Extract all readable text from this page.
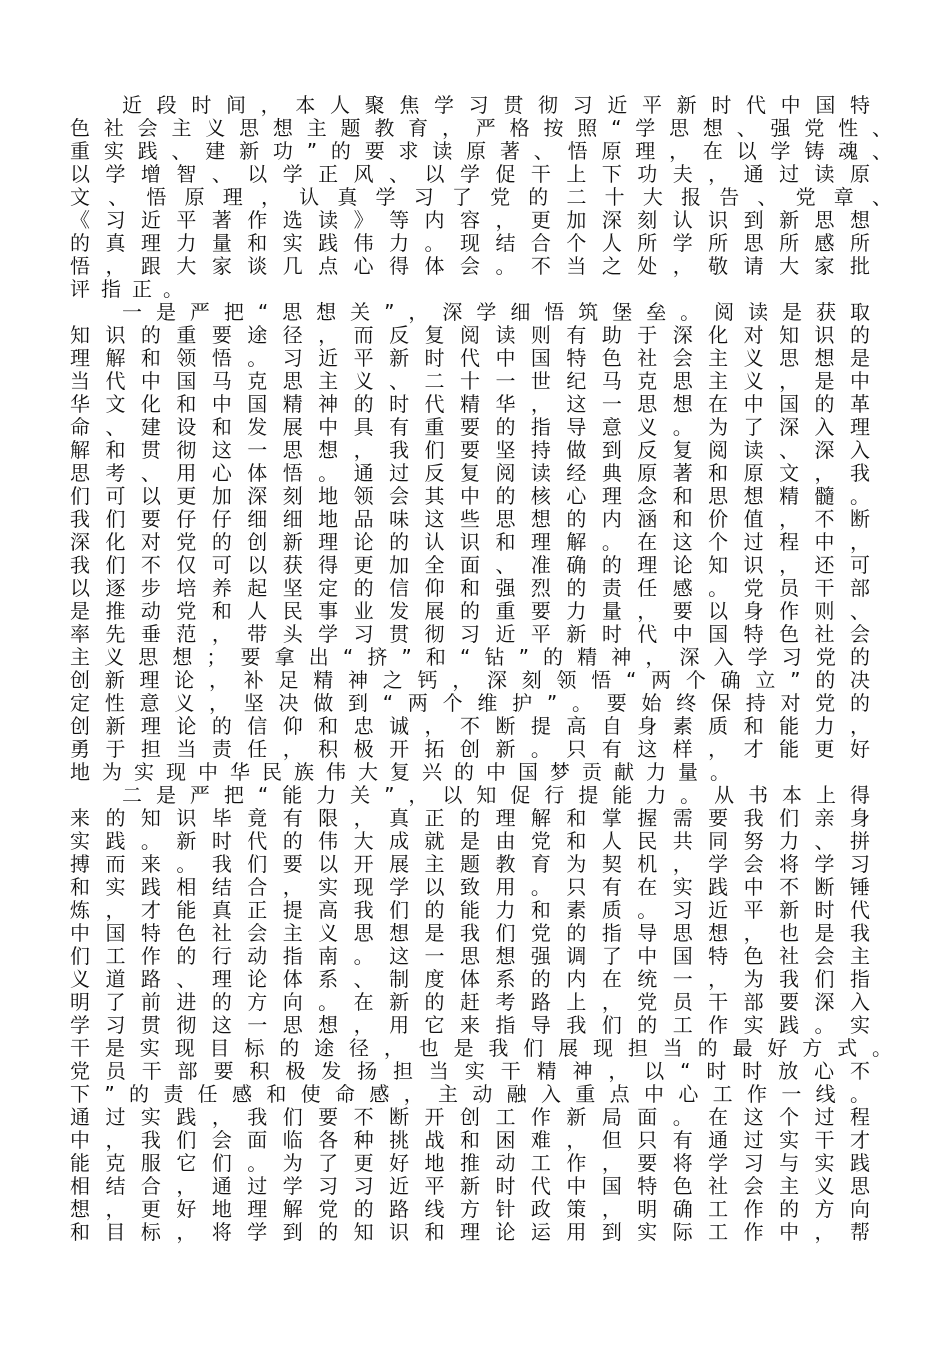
近段时间，本人聚焦学习贯彻习近平新时代中国特
色社会主义思想主题教育，严格按照“学思想、强党性、
重实践、建新功”的要求读原著、悟原理，在以学铸魂、
以学增智、以学正风、以学促干上下功夫，通过读原
文、悟原理，认真学习了党的二十大报告、党章、
《习近平著作选读》等内容，更加深刻认识到新思想
的真理力量和实践伟力。现结合个人所学所思所感所
悟，跟大家谈几点心得体会。不当之处，敬请大家批
评指正。
一是严把“思想关”，深学细悟筑堡垒。阅读是获取
知识的重要途径，而反复阅读则有助于深化对知识的
理解和领悟。习近平新时代中国特色社会主义思想是
当代中国马克思主义、二十一世纪马克思主义，是中
华文化和中国精神的时代精华，这一思想在中国的革
命、建设和发展中具有重要的指导意义。为了深入理
解和贯彻这一思想，我们要坚持做到反复阅读、深入
思考、用心体悟。通过反复阅读经典原著和原文，我
们可以更加深刻地领会其中的核心理念和思想精髓。
我们要仔仔细细地品味这些思想的内涵和价值，不断
深化对党的创新理论的认识和理解。在这个过程中，
我们不仅可以获得更加全面、准确的理论知识，还可
以逐步培养起坚定的信仰和强烈的责任感。党员干部
是推动党和人民事业发展的重要力量，要以身作则、
率先垂范，带头学习贯彻习近平新时代中国特色社会
主义思想；要拿出“挤”和“钻”的精神，深入学习党的
创新理论，补足精神之钙，深刻领悟“两个确立”的决
定性意义，坚决做到“两个维护”。要始终保持对党的
创新理论的信仰和忠诚，不断提高自身素质和能力，
勇于担当责任，积极开拓创新。只有这样，才能更好
地为实现中华民族伟大复兴的中国梦贡献力量。
二是严把“能力关”，以知促行提能力。从书本上得
来的知识毕竟有限，真正的理解和掌握需要我们亲身
实践。新时代的伟大成就是由党和人民共同努力、拼
搏而来。我们要以开展主题教育为契机，学会将学习
和实践相结合，实现学以致用。只有在实践中不断锤
炼，才能真正提高我们的能力和素质。习近平新时代
中国特色社会主义思想是我们党的指导思想，也是我
们工作的行动指南。这一思想强调了中国特色社会主
义道路、理论体系、制度体系的内在统一，为我们指
明了前进的方向。在新的赶考路上，党员干部要深入
学习贯彻这一思想，用它来指导我们的工作实践。实
干是实现目标的途径，也是我们展现担当的最好方式。
党员干部要积极发扬担当实干精神，以“时时放心不
下”的责任感和使命感，主动融入重点中心工作一线。
通过实践，我们要不断开创工作新局面。在这个过程
中，我们会面临各种挑战和困难，但只有通过实干才
能克服它们。为了更好地推动工作，要将学习与实践
相结合，通过学习习近平新时代中国特色社会主义思
想，更好地理解党的路线方针政策，明确工作的方向
和目标，将学到的知识和理论运用到实际工作中，帮
